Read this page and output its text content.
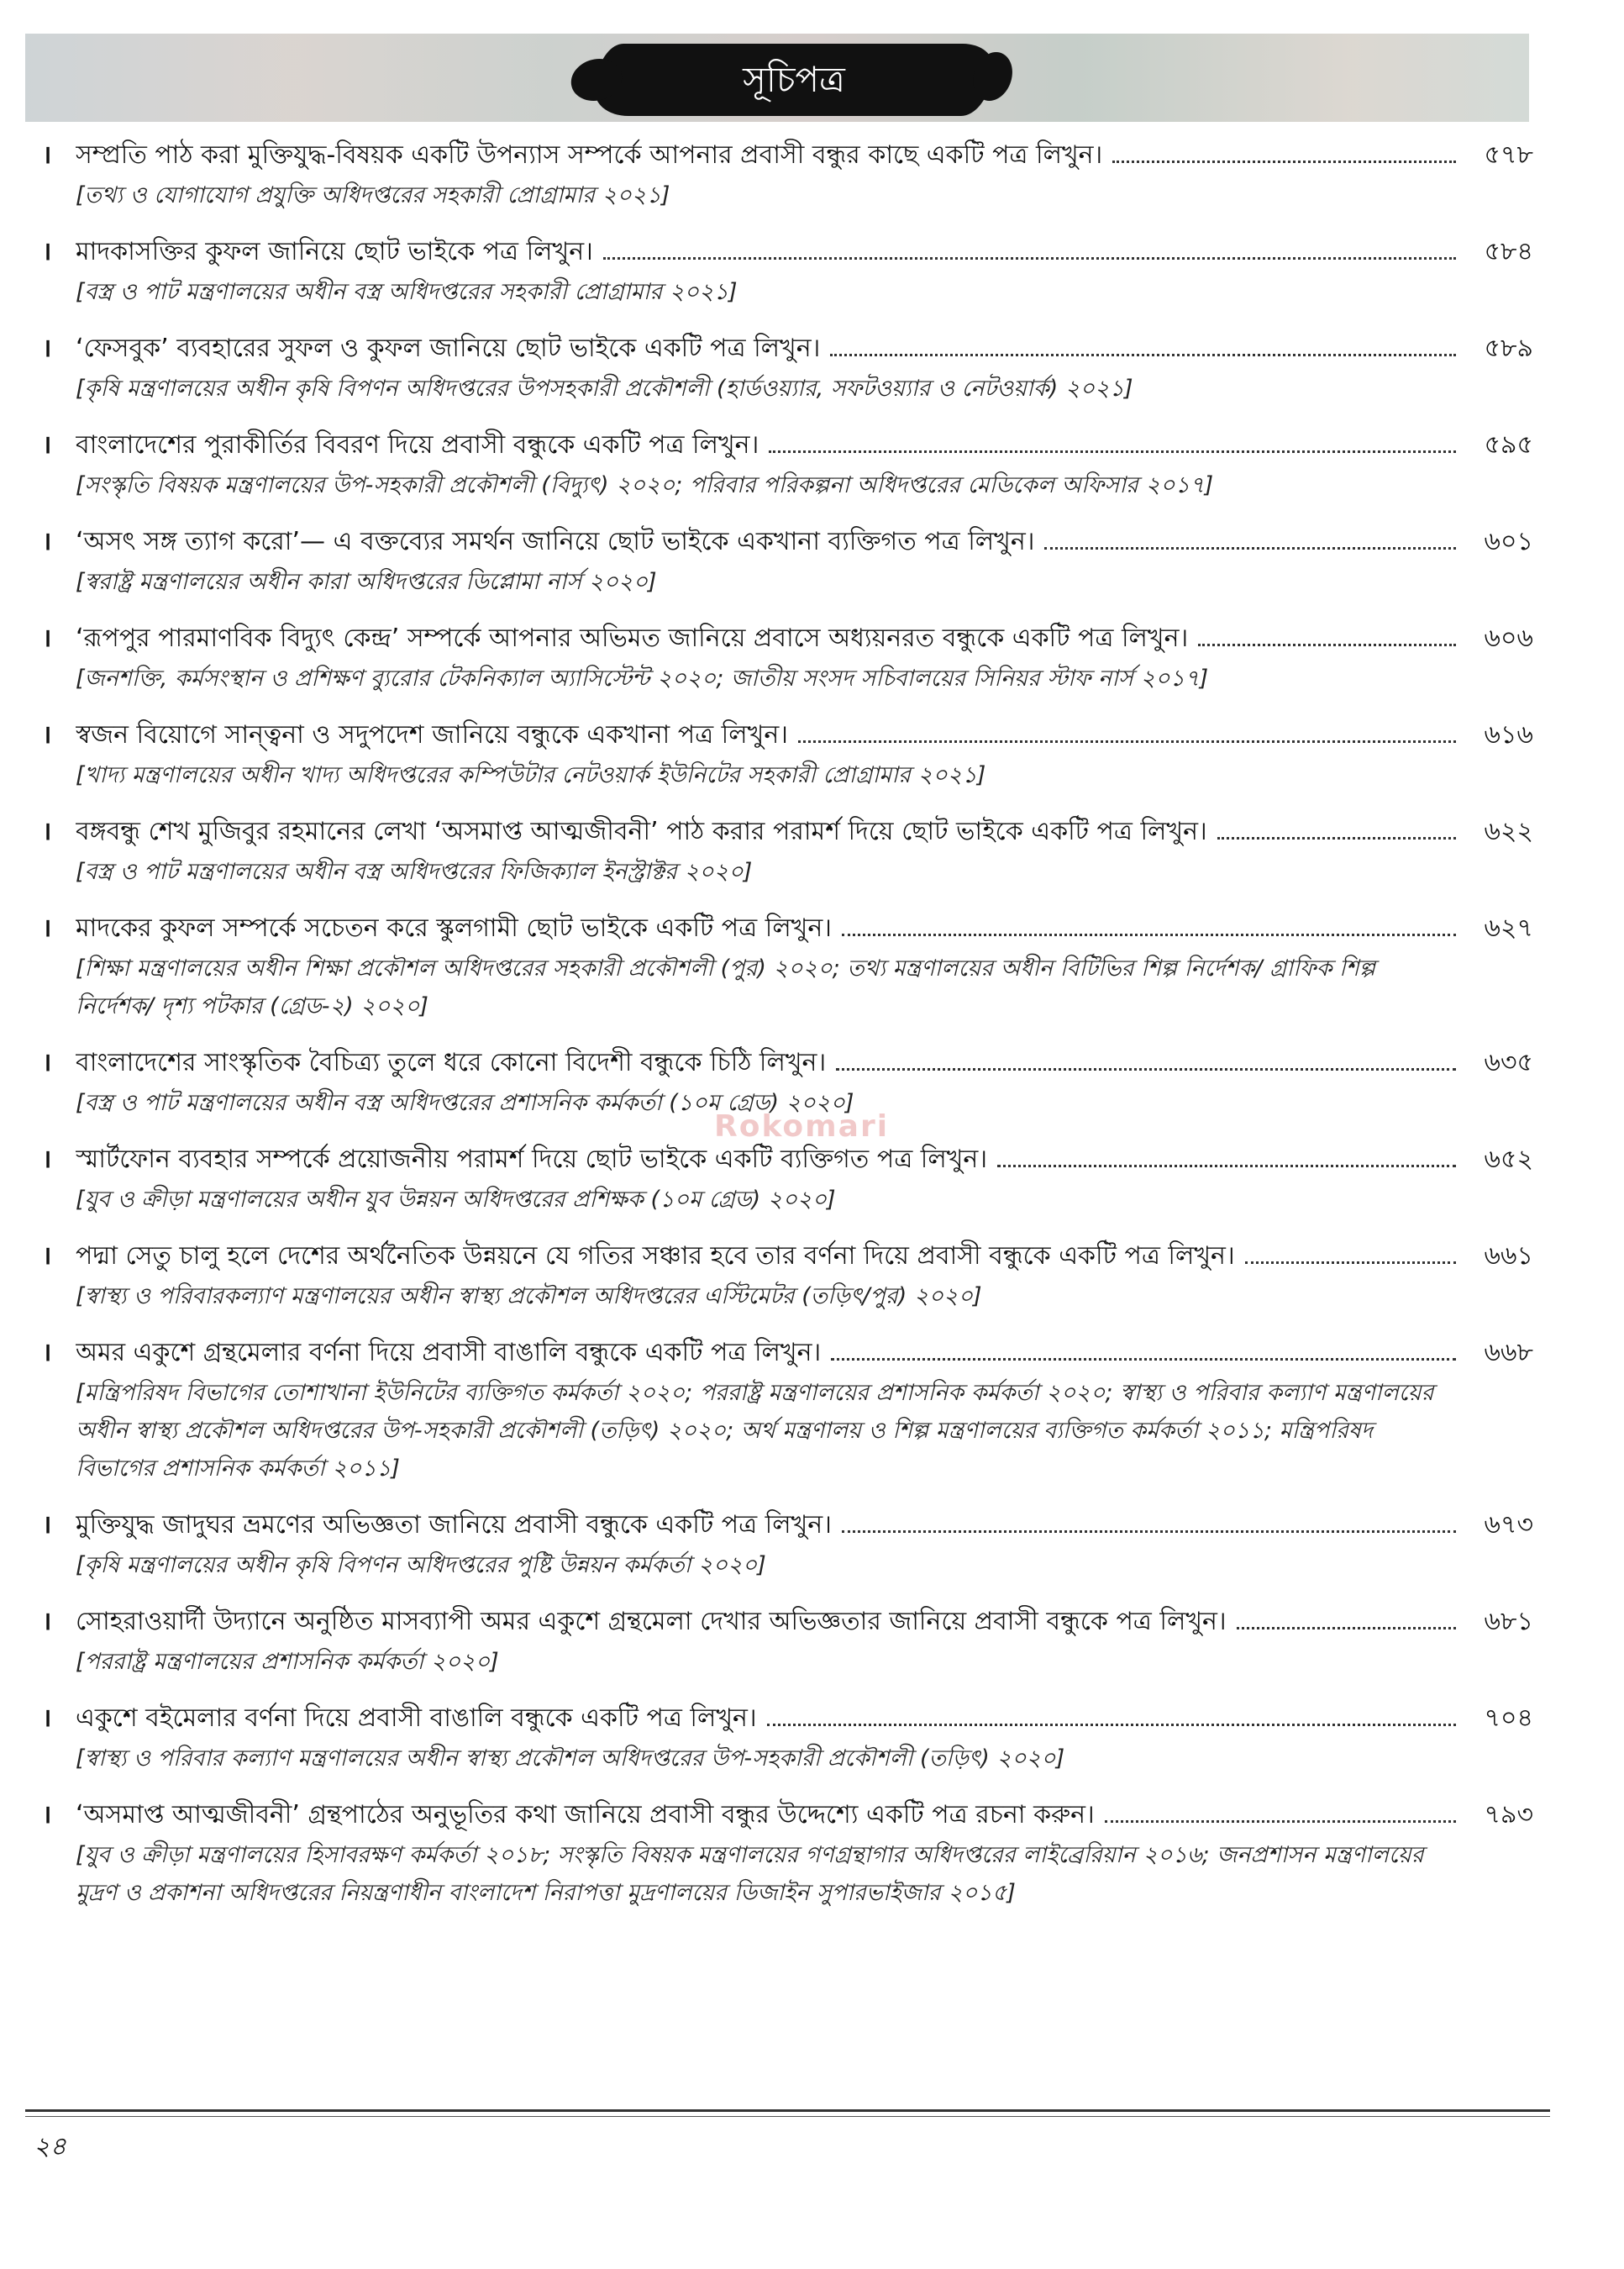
সূচিপত্র
। সম্প্রতি পাঠ করা মুক্তিযুদ্ধ-বিষয়ক একটি উপন্যাস সম্পর্কে আপনার প্রবাসী বন্ধুর কাছে একটি পত্র লিখুন।	৫৭৮
[তথ্য ও যোগাযোগ প্রযুক্তি অধিদপ্তরের সহকারী প্রোগ্রামার ২০২১]
। মাদকাসক্তির কুফল জানিয়ে ছোট ভাইকে পত্র লিখুন।	৫৮৪
[বস্ত্র ও পাট মন্ত্রণালয়ের অধীন বস্ত্র অধিদপ্তরের সহকারী প্রোগ্রামার ২০২১]
। ‘ফেসবুক’ ব্যবহারের সুফল ও কুফল জানিয়ে ছোট ভাইকে একটি পত্র লিখুন।	৫৮৯
[কৃষি মন্ত্রণালয়ের অধীন কৃষি বিপণন অধিদপ্তরের উপসহকারী প্রকৌশলী (হার্ডওয়্যার, সফটওয়্যার ও নেটওয়ার্ক) ২০২১]
। বাংলাদেশের পুরাকীর্তির বিবরণ দিয়ে প্রবাসী বন্ধুকে একটি পত্র লিখুন।	৫৯৫
[সংস্কৃতি বিষয়ক মন্ত্রণালয়ের উপ-সহকারী প্রকৌশলী (বিদ্যুৎ) ২০২০; পরিবার পরিকল্পনা অধিদপ্তরের মেডিকেল অফিসার ২০১৭]
। ‘অসৎ সঙ্গ ত্যাগ করো’— এ বক্তব্যের সমর্থন জানিয়ে ছোট ভাইকে একখানা ব্যক্তিগত পত্র লিখুন।	৬০১
[স্বরাষ্ট্র মন্ত্রণালয়ের অধীন কারা অধিদপ্তরের ডিপ্লোমা নার্স ২০২০]
। ‘রূপপুর পারমাণবিক বিদ্যুৎ কেন্দ্র’ সম্পর্কে আপনার অভিমত জানিয়ে প্রবাসে অধ্যয়নরত বন্ধুকে একটি পত্র লিখুন।	৬০৬
[জনশক্তি, কর্মসংস্থান ও প্রশিক্ষণ ব্যুরোর টেকনিক্যাল অ্যাসিস্টেন্ট ২০২০; জাতীয় সংসদ সচিবালয়ের সিনিয়র স্টাফ নার্স ২০১৭]
। স্বজন বিয়োগে সান্ত্বনা ও সদুপদেশ জানিয়ে বন্ধুকে একখানা পত্র লিখুন।	৬১৬
[খাদ্য মন্ত্রণালয়ের অধীন খাদ্য অধিদপ্তরের কম্পিউটার নেটওয়ার্ক ইউনিটের সহকারী প্রোগ্রামার ২০২১]
। বঙ্গবন্ধু শেখ মুজিবুর রহমানের লেখা ‘অসমাপ্ত আত্মজীবনী’ পাঠ করার পরামর্শ দিয়ে ছোট ভাইকে একটি পত্র লিখুন।	৬২২
[বস্ত্র ও পাট মন্ত্রণালয়ের অধীন বস্ত্র অধিদপ্তরের ফিজিক্যাল ইনস্ট্রাক্টর ২০২০]
। মাদকের কুফল সম্পর্কে সচেতন করে স্কুলগামী ছোট ভাইকে একটি পত্র লিখুন।	৬২৭
[শিক্ষা মন্ত্রণালয়ের অধীন শিক্ষা প্রকৌশল অধিদপ্তরের সহকারী প্রকৌশলী (পুর) ২০২০; তথ্য মন্ত্রণালয়ের অধীন বিটিভির শিল্প নির্দেশক/ গ্রাফিক শিল্প নির্দেশক/ দৃশ্য পটকার (গ্রেড-২) ২০২০]
। বাংলাদেশের সাংস্কৃতিক বৈচিত্র্য তুলে ধরে কোনো বিদেশী বন্ধুকে চিঠি লিখুন।	৬৩৫
[বস্ত্র ও পাট মন্ত্রণালয়ের অধীন বস্ত্র অধিদপ্তরের প্রশাসনিক কর্মকর্তা (১০ম গ্রেড) ২০২০]
। স্মার্টফোন ব্যবহার সম্পর্কে প্রয়োজনীয় পরামর্শ দিয়ে ছোট ভাইকে একটি ব্যক্তিগত পত্র লিখুন।	৬৫২
[যুব ও ক্রীড়া মন্ত্রণালয়ের অধীন যুব উন্নয়ন অধিদপ্তরের প্রশিক্ষক (১০ম গ্রেড) ২০২০]
। পদ্মা সেতু চালু হলে দেশের অর্থনৈতিক উন্নয়নে যে গতির সঞ্চার হবে তার বর্ণনা দিয়ে প্রবাসী বন্ধুকে একটি পত্র লিখুন।	৬৬১
[স্বাস্থ্য ও পরিবারকল্যাণ মন্ত্রণালয়ের অধীন স্বাস্থ্য প্রকৌশল অধিদপ্তরের এস্টিমেটর (তড়িৎ/পুর) ২০২০]
। অমর একুশে গ্রন্থমেলার বর্ণনা দিয়ে প্রবাসী বাঙালি বন্ধুকে একটি পত্র লিখুন।	৬৬৮
[মন্ত্রিপরিষদ বিভাগের তোশাখানা ইউনিটের ব্যক্তিগত কর্মকর্তা ২০২০; পররাষ্ট্র মন্ত্রণালয়ের প্রশাসনিক কর্মকর্তা ২০২০; স্বাস্থ্য ও পরিবার কল্যাণ মন্ত্রণালয়ের অধীন স্বাস্থ্য প্রকৌশল অধিদপ্তরের উপ-সহকারী প্রকৌশলী (তড়িৎ) ২০২০; অর্থ মন্ত্রণালয় ও শিল্প মন্ত্রণালয়ের ব্যক্তিগত কর্মকর্তা ২০১১; মন্ত্রিপরিষদ বিভাগের প্রশাসনিক কর্মকর্তা ২০১১]
। মুক্তিযুদ্ধ জাদুঘর ভ্রমণের অভিজ্ঞতা জানিয়ে প্রবাসী বন্ধুকে একটি পত্র লিখুন।	৬৭৩
[কৃষি মন্ত্রণালয়ের অধীন কৃষি বিপণন অধিদপ্তরের পুষ্টি উন্নয়ন কর্মকর্তা ২০২০]
। সোহরাওয়ার্দী উদ্যানে অনুষ্ঠিত মাসব্যাপী অমর একুশে গ্রন্থমেলা দেখার অভিজ্ঞতার জানিয়ে প্রবাসী বন্ধুকে পত্র লিখুন।	৬৮১
[পররাষ্ট্র মন্ত্রণালয়ের প্রশাসনিক কর্মকর্তা ২০২০]
। একুশে বইমেলার বর্ণনা দিয়ে প্রবাসী বাঙালি বন্ধুকে একটি পত্র লিখুন।	৭০৪
[স্বাস্থ্য ও পরিবার কল্যাণ মন্ত্রণালয়ের অধীন স্বাস্থ্য প্রকৌশল অধিদপ্তরের উপ-সহকারী প্রকৌশলী (তড়িৎ) ২০২০]
। ‘অসমাপ্ত আত্মজীবনী’ গ্রন্থপাঠের অনুভূতির কথা জানিয়ে প্রবাসী বন্ধুর উদ্দেশ্যে একটি পত্র রচনা করুন।	৭৯৩
[যুব ও ক্রীড়া মন্ত্রণালয়ের হিসাবরক্ষণ কর্মকর্তা ২০১৮; সংস্কৃতি বিষয়ক মন্ত্রণালয়ের গণগ্রন্থাগার অধিদপ্তরের লাইব্রেরিয়ান ২০১৬; জনপ্রশাসন মন্ত্রণালয়ের মুদ্রণ ও প্রকাশনা অধিদপ্তরের নিয়ন্ত্রণাধীন বাংলাদেশ নিরাপত্তা মুদ্রণালয়ের ডিজাইন সুপারভাইজার ২০১৫]
Rokomari
২৪
